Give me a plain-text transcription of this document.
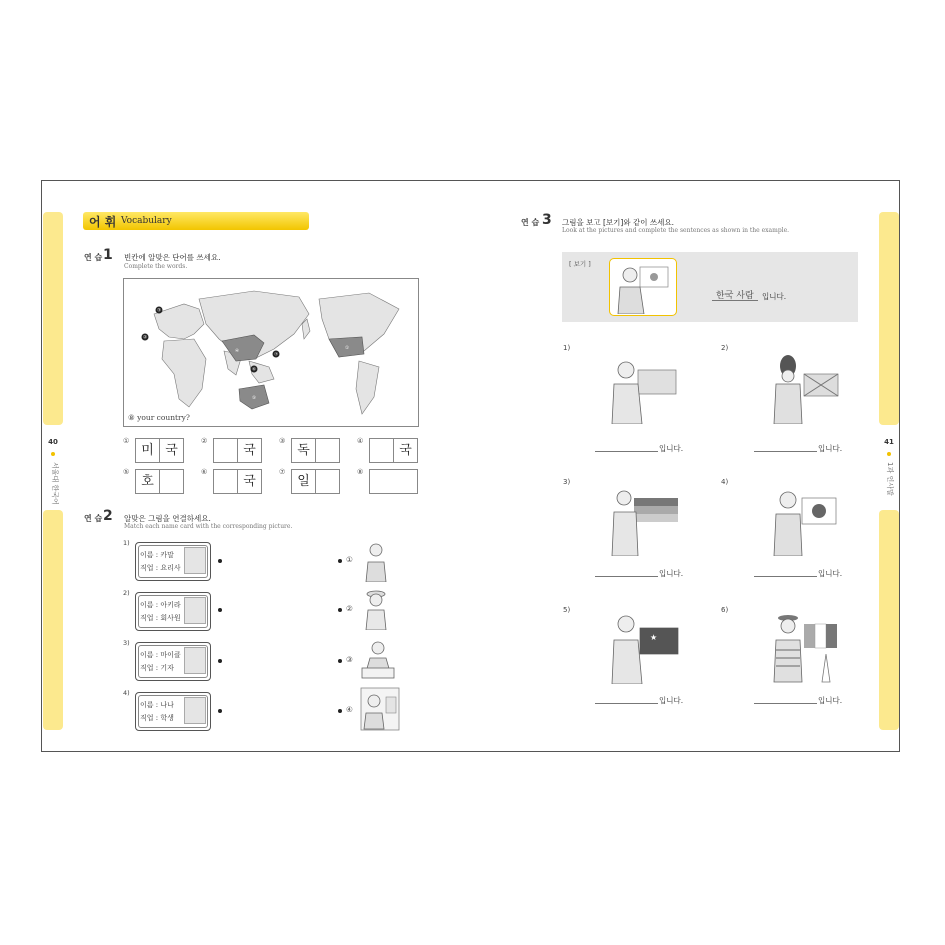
40
서울대 한국어
41
1과 인사말
어 휘 Vocabulary
연 습 1 빈칸에 알맞은 단어를 쓰세요.
Complete the words.
②
③
⑥
⑦
④
⑤
①
⑧ your country?
①
미 국
②
국
③
독
④
국
⑤
호
⑥
국
⑦
일
⑧
연 습 2 알맞은 그림을 연결하세요.
Match each name card with the corresponding picture.
1)
이름 : 카말
직업 : 요리사
2)
이름 : 아키라
직업 : 회사원
3)
이름 : 마이클
직업 : 기자
4)
이름 : 나나
직업 : 학생
①
②
③
④
연 습 3 그림을 보고 [보기]와 같이 쓰세요.
Look at the pictures and complete the sentences as shown in the example.
[ 보기 ]
한국 사람 입니다.
1)
입니다.
2)
입니다.
3)
입니다.
4)
입니다.
5)
★
입니다.
6)
입니다.
